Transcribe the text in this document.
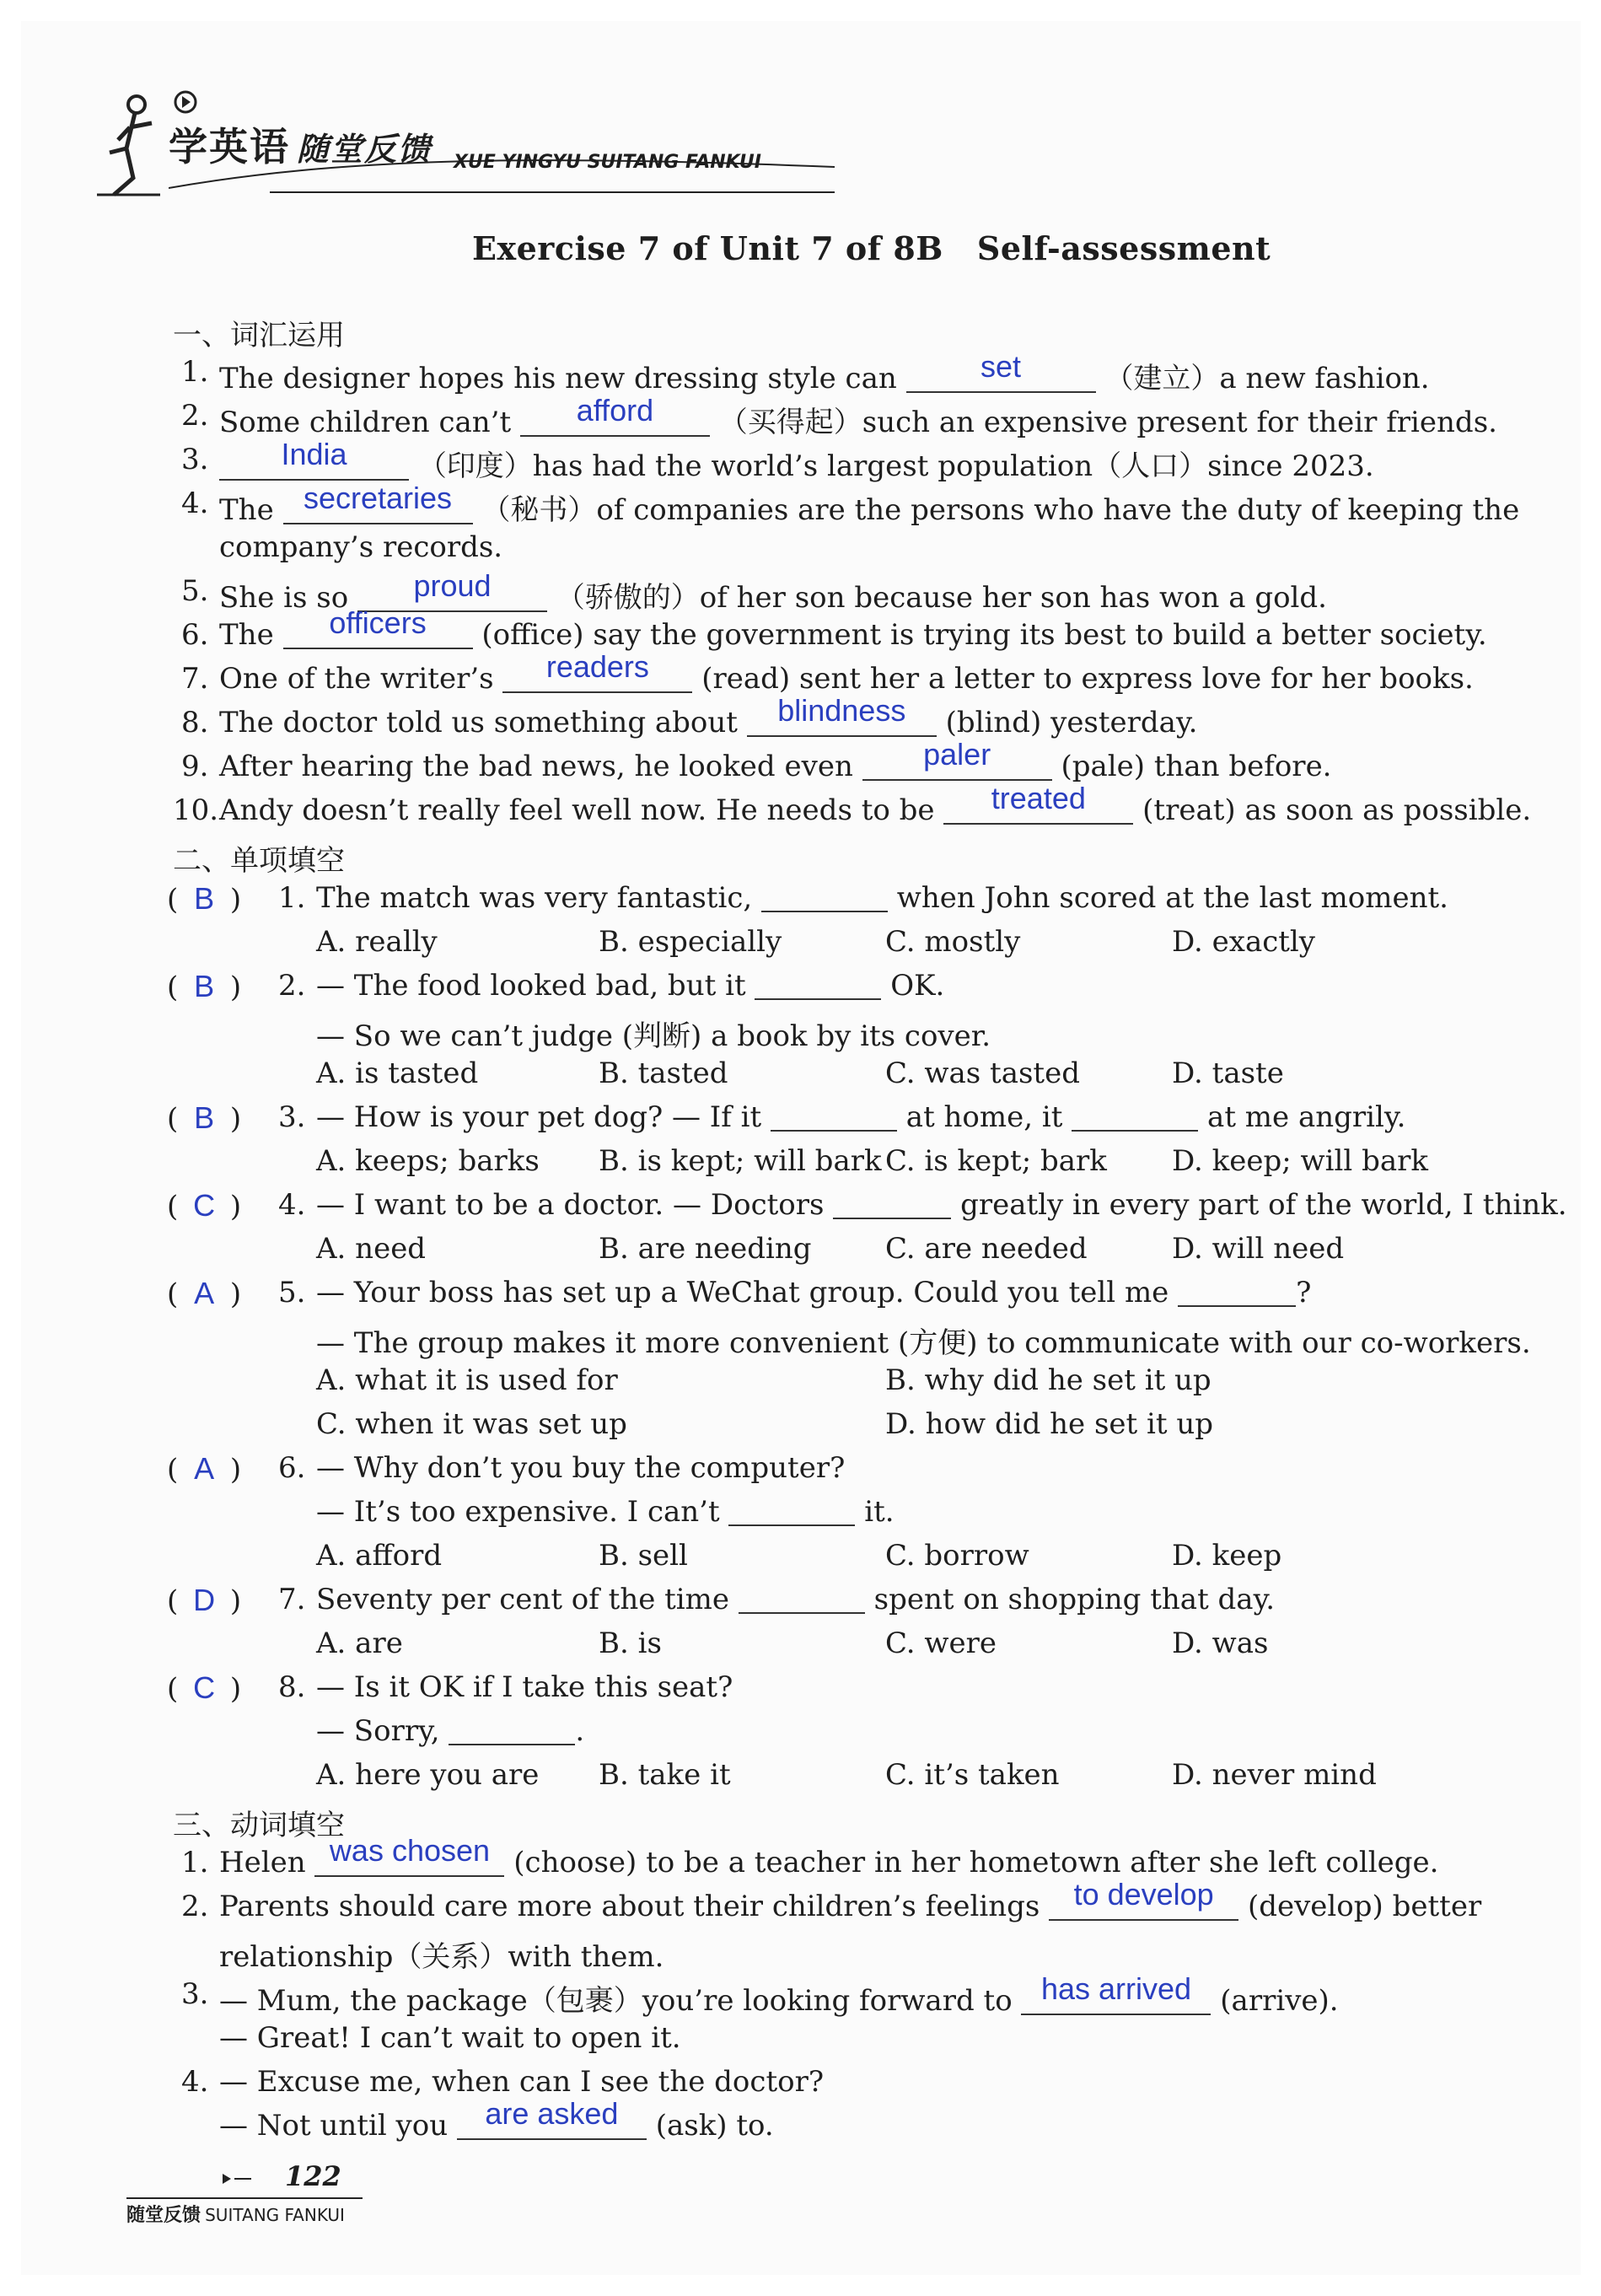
学英语 随堂反馈 XUE YINGYU SUITANG FANKUI
Exercise 7 of Unit 7 of 8B Self-assessment
一、词汇运用
1. The designer hopes his new dressing style can	set	（建立）a new fashion.
2. Some children can’t	afford	（买得起）such an expensive present for their friends.
3.	India	（印度）has had the world’s largest population（人口）since 2023.
4. The secretaries	（秘书）of companies are the persons who have the duty of keeping the
company’s records.
5. She is so	proud	（骄傲的）of her son because her son has won a gold.
6. The	officers	(office) say the government is trying its best to build a better society.
7. One of the writer’s	readers	(read) sent her a letter to express love for her books.
8. The doctor told us something about	blindness	(blind) yesterday.
9. After hearing the bad news, he looked even	paler	(pale) than before.
10. Andy doesn’t really feel well now. He needs to be	treated	(treat) as soon as possible.
二、单项填空
( B ) 1. The match was very fantastic,	when John scored at the last moment.
A. really	B. especially	C. mostly	D. exactly
( B ) 2. — The food looked bad, but it	OK.
— So we can’t judge (判断) a book by its cover.
A. is tasted	B. tasted	C. was tasted	D. taste
( B ) 3. — How is your pet dog? — If it	at home, it	at me angrily.
A. keeps; barks B. is kept; will bark C. is kept; bark D. keep; will bark
( C ) 4. — I want to be a doctor. — Doctors	greatly in every part of the world, I think.
A. need	B. are needing	C. are needed	D. will need
( A ) 5. — Your boss has set up a WeChat group. Could you tell me	?
— The group makes it more convenient (方便) to communicate with our co-workers.
A. what it is used for	B. why did he set it up
C. when it was set up	D. how did he set it up
( A ) 6. — Why don’t you buy the computer?
— It’s too expensive. I can’t	it.
A. afford	B. sell	C. borrow	D. keep
( D ) 7. Seventy per cent of the time	spent on shopping that day.
A. are	B. is	C. were	D. was
( C ) 8. — Is it OK if I take this seat?
— Sorry,	.
A. here you are B. take it	C. it’s taken	D. never mind
三、动词填空
1. Helen was chosen (choose) to be a teacher in her hometown after she left college.
2. Parents should care more about their children’s feelings	to develop	(develop) better
relationship（关系）with them.
3. — Mum, the package（包裹）you’re looking forward to has arrived	(arrive).
— Great! I can’t wait to open it.
4. — Excuse me, when can I see the doctor?
— Not until you	are asked	(ask) to.
122
随堂反馈 SUITANG FANKUI
